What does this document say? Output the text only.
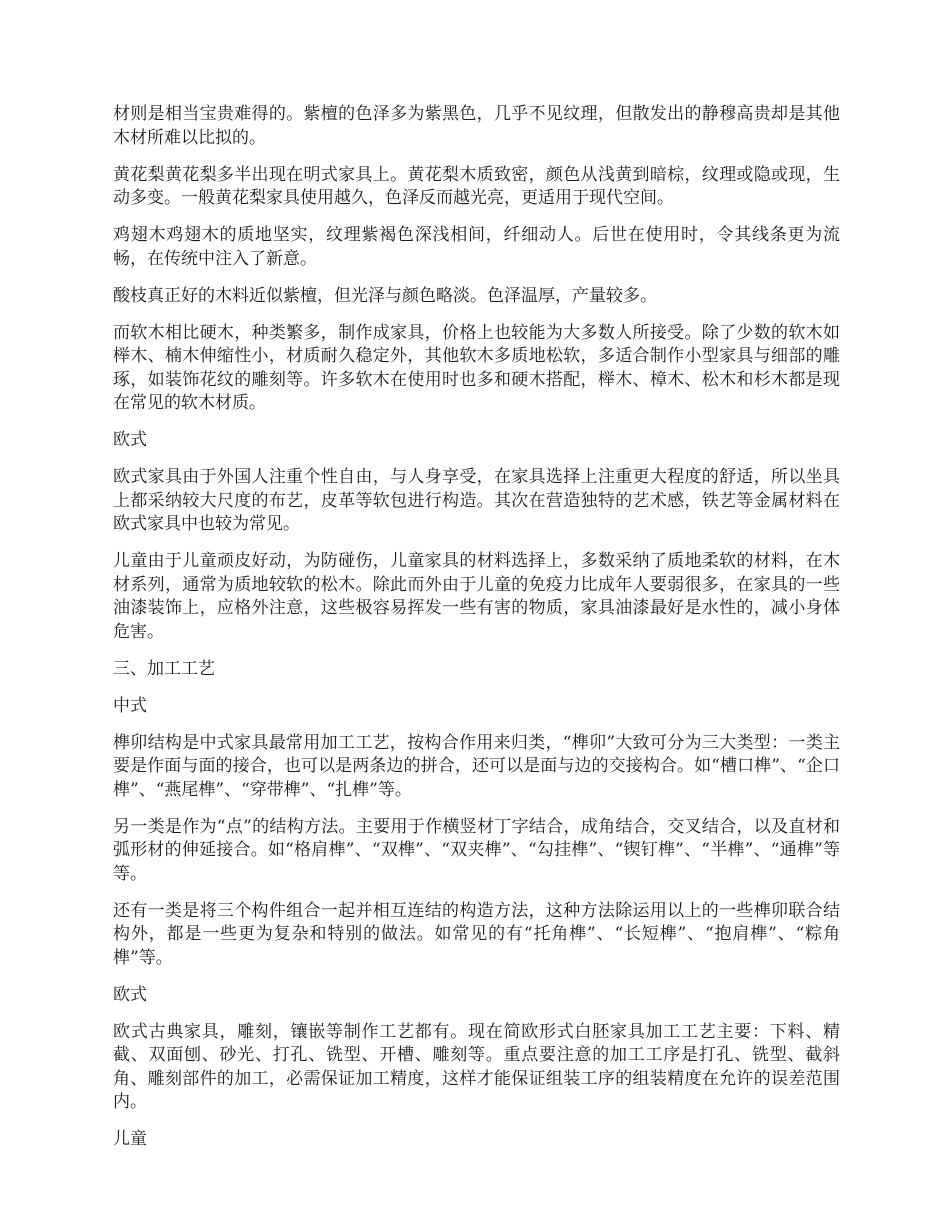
材则是相当宝贵难得的。紫檀的色泽多为紫黑色，几乎不见纹理，但散发出的静穆高贵却是其他木材所难以比拟的。

黄花梨黄花梨多半出现在明式家具上。黄花梨木质致密，颜色从浅黄到暗棕，纹理或隐或现，生动多变。一般黄花梨家具使用越久，色泽反而越光亮，更适用于现代空间。

鸡翅木鸡翅木的质地坚实，纹理紫褐色深浅相间，纤细动人。后世在使用时，令其线条更为流畅，在传统中注入了新意。

酸枝真正好的木料近似紫檀，但光泽与颜色略淡。色泽温厚，产量较多。

而软木相比硬木，种类繁多，制作成家具，价格上也较能为大多数人所接受。除了少数的软木如榉木、楠木伸缩性小，材质耐久稳定外，其他软木多质地松软，多适合制作小型家具与细部的雕琢，如装饰花纹的雕刻等。许多软木在使用时也多和硬木搭配，榉木、樟木、松木和杉木都是现在常见的软木材质。

欧式

欧式家具由于外国人注重个性自由，与人身享受，在家具选择上注重更大程度的舒适，所以坐具上都采纳较大尺度的布艺，皮革等软包进行构造。其次在营造独特的艺术感，铁艺等金属材料在欧式家具中也较为常见。

儿童由于儿童顽皮好动，为防碰伤，儿童家具的材料选择上，多数采纳了质地柔软的材料，在木材系列，通常为质地较软的松木。除此而外由于儿童的免疫力比成年人要弱很多，在家具的一些油漆装饰上，应格外注意，这些极容易挥发一些有害的物质，家具油漆最好是水性的，减小身体危害。

三、加工工艺

中式

榫卯结构是中式家具最常用加工工艺，按构合作用来归类，“榫卯”大致可分为三大类型：一类主要是作面与面的接合，也可以是两条边的拼合，还可以是面与边的交接构合。如“槽口榫”、“企口榫”、“燕尾榫”、“穿带榫”、“扎榫”等。

另一类是作为“点”的结构方法。主要用于作横竖材丁字结合，成角结合，交叉结合，以及直材和弧形材的伸延接合。如“格肩榫”、“双榫”、“双夹榫”、“勾挂榫”、“锲钉榫”、“半榫”、“通榫”等等。

还有一类是将三个构件组合一起并相互连结的构造方法，这种方法除运用以上的一些榫卯联合结构外，都是一些更为复杂和特别的做法。如常见的有“托角榫”、“长短榫”、“抱肩榫”、“粽角榫”等。

欧式

欧式古典家具，雕刻，镶嵌等制作工艺都有。现在简欧形式白胚家具加工工艺主要：下料、精截、双面刨、砂光、打孔、铣型、开槽、雕刻等。重点要注意的加工工序是打孔、铣型、截斜角、雕刻部件的加工，必需保证加工精度，这样才能保证组装工序的组装精度在允许的误差范围内。

儿童
